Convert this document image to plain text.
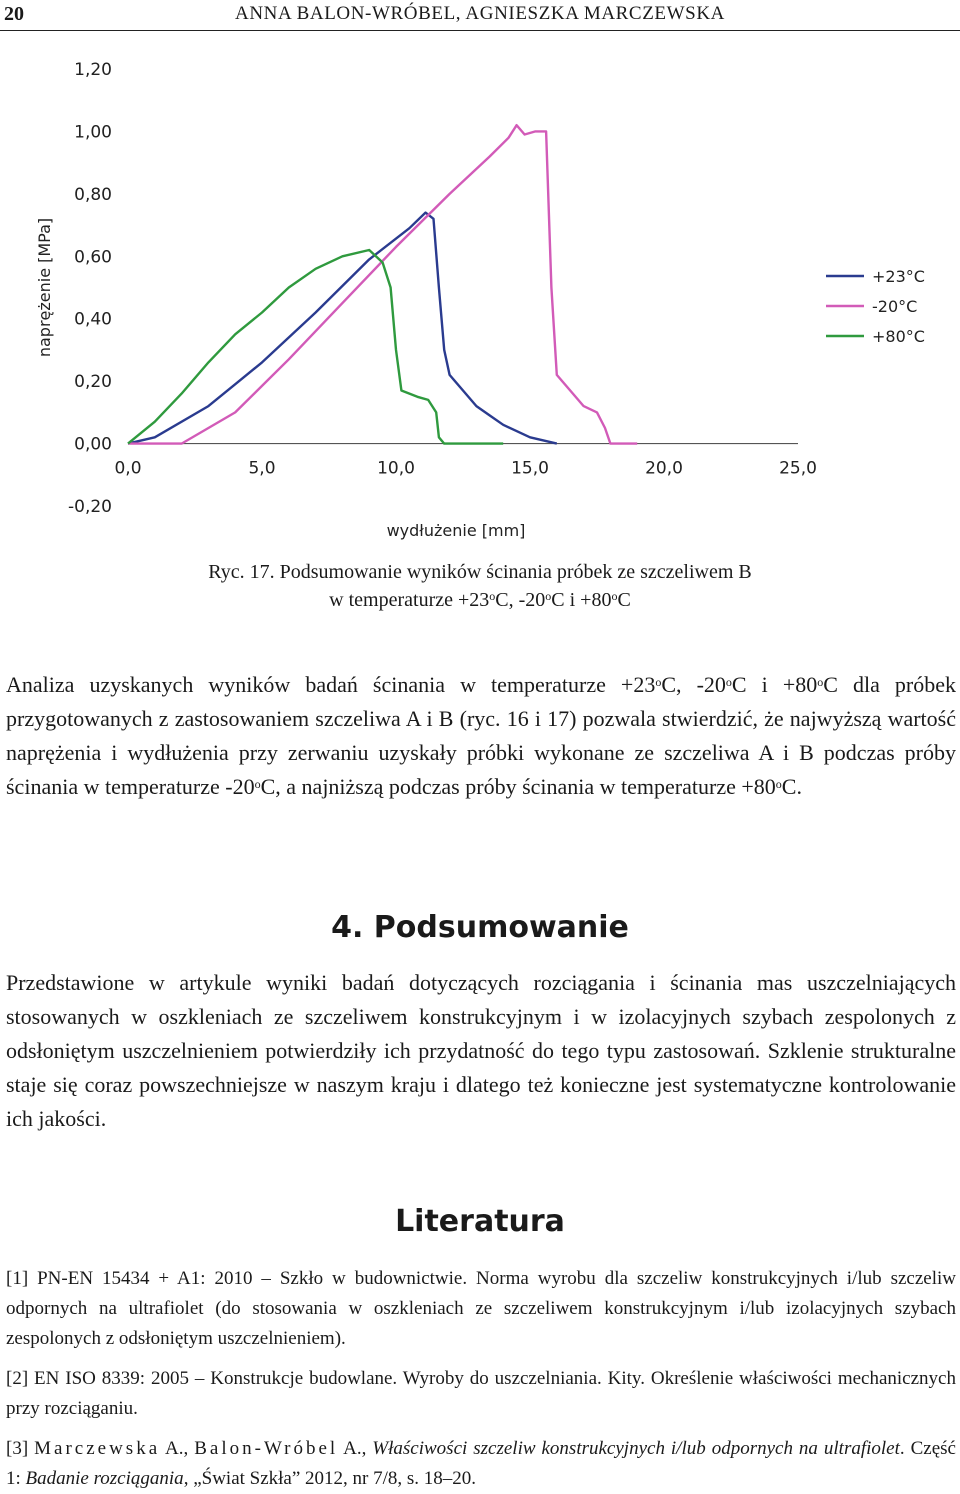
20	ANNA BALON-WRÓBEL, AGNIESZKA MARCZEWSKA
1,20
1,00
0,80
0,60
0,40
0,20
0,00
-0,20
0,0	5,0	10,0	15,0	20,0	25,0
naprężenie [MPa]
wydłużenie [mm]
+23°C
-20°C
+80°C
Ryc. 17. Podsumowanie wyników ścinania próbek ze szczeliwem B
w temperaturze $+23^oC$, -20$^o$C $i +80^oC$

Analiza uzyskanych wyników badań ścinania w temperaturze $+23^oC$, -20$^o$C $i +80^oC$ dla próbek przygotowanych z zastosowaniem szczeliwa A i B (ryc. 16 i 17) pozwala stwierdzić, że najwyższą wartość naprężenia i wydłużenia przy zerwaniu uzyskały próbki wykonane ze szczeliwa A i B podczas próby ścinania w temperaturze -20$^o$C, a najniższą podczas próby ścinania w temperaturze $+80^oC$.

4. Podsumowanie

Przedstawione w artykule wyniki badań dotyczących rozciągania i ścinania mas uszczelniających stosowanych w oszkleniach ze szczeliwem konstrukcyjnym i w izolacyjnych szybach zespolonych z odsłoniętym uszczelnieniem potwierdziły ich przydatność do tego typu zastosowań. Szklenie strukturalne staje się coraz powszechniejsze w naszym kraju i dlatego też konieczne jest systematyczne kontrolowanie ich jakości.

Literatura

[1] PN-EN 15434 + A1: 2010 – Szkło w budownictwie. Norma wyrobu dla szczeliw konstrukcyjnych i/lub szczeliw odpornych na ultrafiolet (do stosowania w oszkleniach ze szczeliwem konstrukcyjnym i/lub izolacyjnych szybach zespolonych z odsłoniętym uszczelnieniem).

[2] EN ISO 8339: 2005 – Konstrukcje budowlane. Wyroby do uszczelniania. Kity. Określenie właściwości mechanicznych przy rozciąganiu.

[3] Marczewska A., Balon-Wróbel A., Właściwości szczeliw konstrukcyjnych i/lub odpornych na ultrafiolet. Część 1: Badanie rozciągania, „Świat Szkła” 2012, nr 7/8, s. 18–20.
